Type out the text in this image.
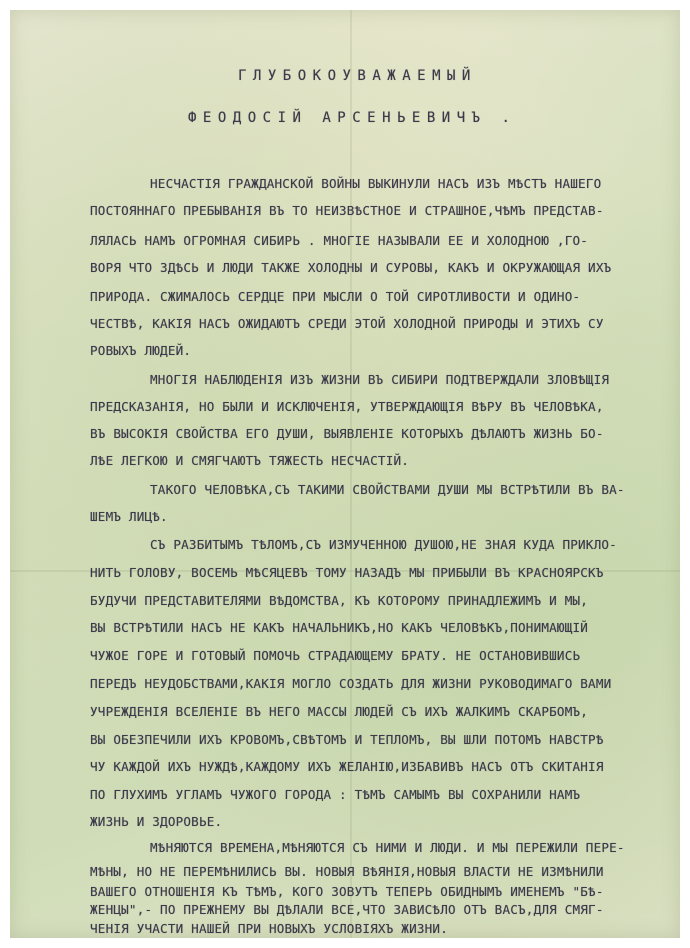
ГЛУБОКОУВАЖАЕМЫЙ
ФЕОДОСІЙ АРСЕНЬЕВИЧЪ .
НЕСЧАСТІЯ ГРАЖДАНСКОЙ ВОЙНЫ ВЫКИНУЛИ НАСЪ ИЗЪ МѢСТЪ НАШЕГО
ПОСТОЯННАГО ПРЕБЫВАНІЯ ВЪ ТО НЕИЗВѢСТНОЕ И СТРАШНОЕ,ЧѢМЪ ПРЕДСТАВ-
ЛЯЛАСЬ НАМЪ ОГРОМНАЯ СИБИРЬ . МНОГІЕ НАЗЫВАЛИ ЕЕ И ХОЛОДНОЮ ,ГО-
ВОРЯ ЧТО ЗДѢСЬ И ЛЮДИ ТАКЖЕ ХОЛОДНЫ И СУРОВЫ, КАКЪ И ОКРУЖАЮЩАЯ ИХЪ
ПРИРОДА. СЖИМАЛОСЬ СЕРДЦЕ ПРИ МЫСЛИ О ТОЙ СИРОТЛИВОСТИ И ОДИНО-
ЧЕСТВѢ, КАКІЯ НАСЪ ОЖИДАЮТЪ СРЕДИ ЭТОЙ ХОЛОДНОЙ ПРИРОДЫ И ЭТИХЪ СУ
РОВЫХЪ ЛЮДЕЙ.
МНОГІЯ НАБЛЮДЕНІЯ ИЗЪ ЖИЗНИ ВЪ СИБИРИ ПОДТВЕРЖДАЛИ ЗЛОВѢЩІЯ
ПРЕДСКАЗАНІЯ, НО БЫЛИ И ИСКЛЮЧЕНІЯ, УТВЕРЖДАЮЩІЯ ВѢРУ ВЪ ЧЕЛОВѢКА,
ВЪ ВЫСОКІЯ СВОЙСТВА ЕГО ДУШИ, ВЫЯВЛЕНІЕ КОТОРЫХЪ ДѢЛАЮТЪ ЖИЗНЬ БО-
ЛѢЕ ЛЕГКОЮ И СМЯГЧАЮТЪ ТЯЖЕСТЬ НЕСЧАСТІЙ.
ТАКОГО ЧЕЛОВѢКА,СЪ ТАКИМИ СВОЙСТВАМИ ДУШИ МЫ ВСТРѢТИЛИ ВЪ ВА-
ШЕМЪ ЛИЦѢ.
СЪ РАЗБИТЫМЪ ТѢЛОМЪ,СЪ ИЗМУЧЕННОЮ ДУШОЮ,НЕ ЗНАЯ КУДА ПРИКЛО-
НИТЬ ГОЛОВУ, ВОСЕМЬ МѢСЯЦЕВЪ ТОМУ НАЗАДЪ МЫ ПРИБЫЛИ ВЪ КРАСНОЯРСКЪ
БУДУЧИ ПРЕДСТАВИТЕЛЯМИ ВѢДОМСТВА, КЪ КОТОРОМУ ПРИНАДЛЕЖИМЪ И МЫ,
ВЫ ВСТРѢТИЛИ НАСЪ НЕ КАКЪ НАЧАЛЬНИКЪ,НО КАКЪ ЧЕЛОВѢКЪ,ПОНИМАЮЩІЙ
ЧУЖОЕ ГОРЕ И ГОТОВЫЙ ПОМОЧЬ СТРАДАЮЩЕМУ БРАТУ. НЕ ОСТАНОВИВШИСЬ
ПЕРЕДЪ НЕУДОБСТВАМИ,КАКІЯ МОГЛО СОЗДАТЬ ДЛЯ ЖИЗНИ РУКОВОДИМАГО ВАМИ
УЧРЕЖДЕНІЯ ВСЕЛЕНІЕ ВЪ НЕГО МАССЫ ЛЮДЕЙ СЪ ИХЪ ЖАЛКИМЪ СКАРБОМЪ,
ВЫ ОБЕЗПЕЧИЛИ ИХЪ КРОВОМЪ,СВѢТОМЪ И ТЕПЛОМЪ, ВЫ ШЛИ ПОТОМЪ НАВСТРѢ
ЧУ КАЖДОЙ ИХЪ НУЖДѢ,КАЖДОМУ ИХЪ ЖЕЛАНІЮ,ИЗБАВИВЪ НАСЪ ОТЪ СКИТАНІЯ
ПО ГЛУХИМЪ УГЛАМЪ ЧУЖОГО ГОРОДА : ТѢМЪ САМЫМЪ ВЫ СОХРАНИЛИ НАМЪ
ЖИЗНЬ И ЗДОРОВЬЕ.
МѢНЯЮТСЯ ВРЕМЕНА,МѢНЯЮТСЯ СЪ НИМИ И ЛЮДИ. И МЫ ПЕРЕЖИЛИ ПЕРЕ-
МѢНЫ, НО НЕ ПЕРЕМѢНИЛИСЬ ВЫ. НОВЫЯ ВѢЯНІЯ,НОВЫЯ ВЛАСТИ НЕ ИЗМѢНИЛИ
ВАШЕГО ОТНОШЕНІЯ КЪ ТѢМЪ, КОГО ЗОВУТЪ ТЕПЕРЬ ОБИДНЫМЪ ИМЕНЕМЪ "БѢ-
ЖЕНЦЫ",- ПО ПРЕЖНЕМУ ВЫ ДѢЛАЛИ ВСЕ,ЧТО ЗАВИСѢЛО ОТЪ ВАСЪ,ДЛЯ СМЯГ-
ЧЕНІЯ УЧАСТИ НАШЕЙ ПРИ НОВЫХЪ УСЛОВІЯХЪ ЖИЗНИ.
